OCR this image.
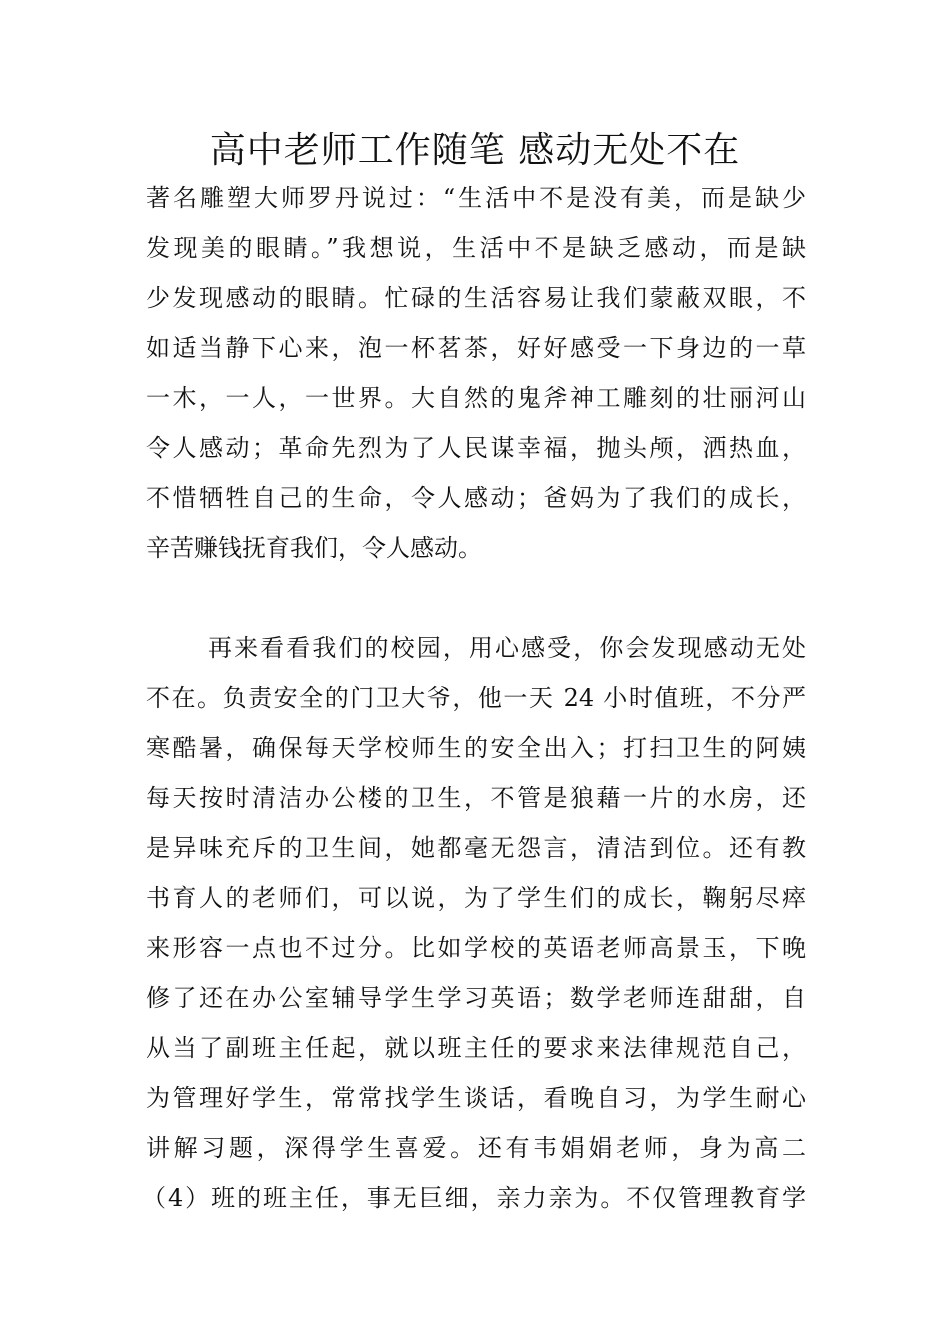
高中老师工作随笔 感动无处不在
著名雕塑大师罗丹说过：“生活中不是没有美，而是缺少
发现美的眼睛。”我想说，生活中不是缺乏感动，而是缺
少发现感动的眼睛。忙碌的生活容易让我们蒙蔽双眼，不
如适当静下心来，泡一杯茗茶，好好感受一下身边的一草
一木，一人，一世界。大自然的鬼斧神工雕刻的壮丽河山
令人感动；革命先烈为了人民谋幸福，抛头颅，洒热血，
不惜牺牲自己的生命，令人感动；爸妈为了我们的成长，
辛苦赚钱抚育我们，令人感动。
再来看看我们的校园，用心感受，你会发现感动无处
不在。负责安全的门卫大爷，他一天 24 小时值班，不分严
寒酷暑，确保每天学校师生的安全出入；打扫卫生的阿姨
每天按时清洁办公楼的卫生，不管是狼藉一片的水房，还
是异味充斥的卫生间，她都毫无怨言，清洁到位。还有教
书育人的老师们，可以说，为了学生们的成长，鞠躬尽瘁
来形容一点也不过分。比如学校的英语老师高景玉，下晚
修了还在办公室辅导学生学习英语；数学老师连甜甜，自
从当了副班主任起，就以班主任的要求来法律规范自己，
为管理好学生，常常找学生谈话，看晚自习，为学生耐心
讲解习题，深得学生喜爱。还有韦娟娟老师，身为高二
（4）班的班主任，事无巨细，亲力亲为。不仅管理教育学
